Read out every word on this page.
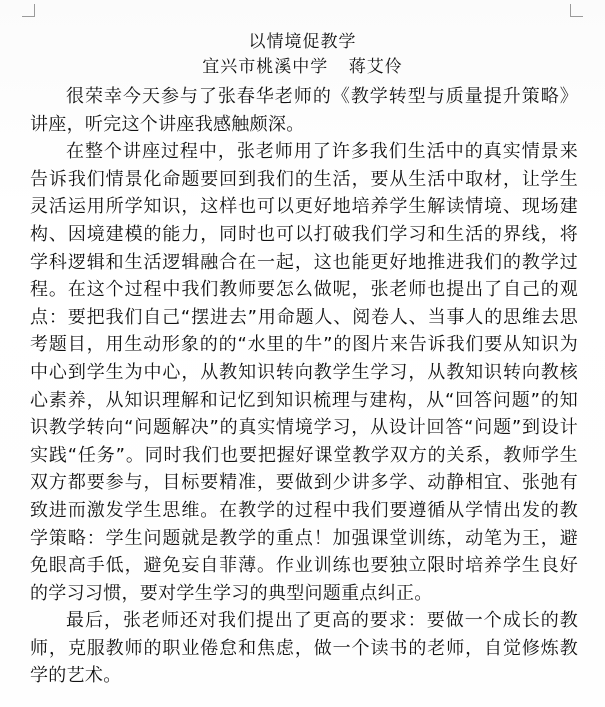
以情境促教学
宜兴市桃溪中学 蒋艾伶

很荣幸今天参与了张春华老师的《教学转型与质量提升策略》讲座，听完这个讲座我感触颇深。

在整个讲座过程中，张老师用了许多我们生活中的真实情景来告诉我们情景化命题要回到我们的生活，要从生活中取材，让学生灵活运用所学知识，这样也可以更好地培养学生解读情境、现场建构、因境建模的能力，同时也可以打破我们学习和生活的界线，将学科逻辑和生活逻辑融合在一起，这也能更好地推进我们的教学过程。在这个过程中我们教师要怎么做呢，张老师也提出了自己的观点：要把我们自己“摆进去”用命题人、阅卷人、当事人的思维去思考题目，用生动形象的的“水里的牛”的图片来告诉我们要从知识为中心到学生为中心，从教知识转向教学生学习，从教知识转向教核心素养，从知识理解和记忆到知识梳理与建构，从“回答问题”的知识教学转向“问题解决”的真实情境学习，从设计回答“问题”到设计实践“任务”。同时我们也要把握好课堂教学双方的关系，教师学生双方都要参与，目标要精准，要做到少讲多学、动静相宜、张弛有致进而激发学生思维。在教学的过程中我们要遵循从学情出发的教学策略：学生问题就是教学的重点！加强课堂训练，动笔为王，避免眼高手低，避免妄自菲薄。作业训练也要独立限时培养学生良好的学习习惯，要对学生学习的典型问题重点纠正。

最后，张老师还对我们提出了更高的要求：要做一个成长的教师，克服教师的职业倦怠和焦虑，做一个读书的老师，自觉修炼教学的艺术。
